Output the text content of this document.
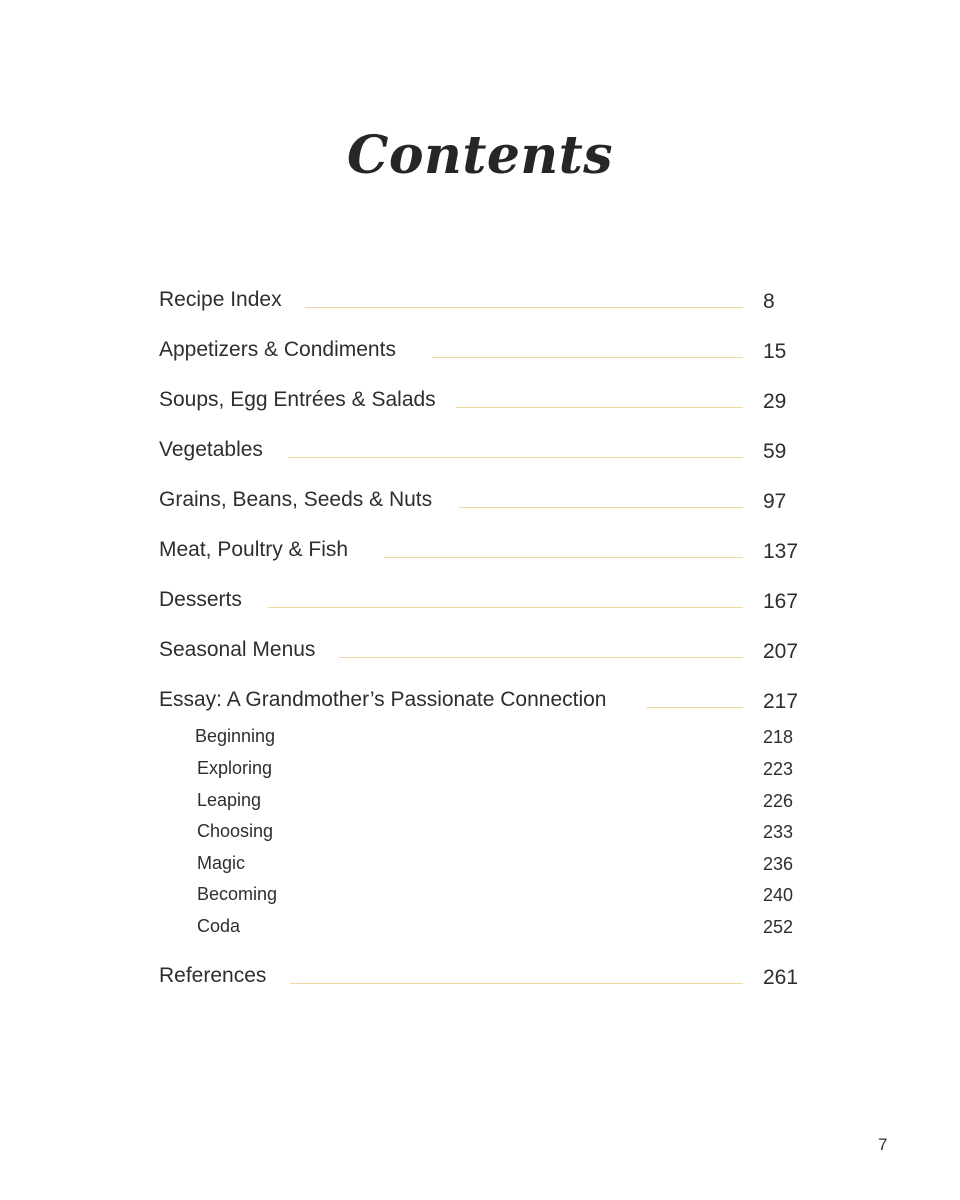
Contents
Recipe Index	8
Appetizers & Condiments	15
Soups, Egg Entrées & Salads	29
Vegetables	59
Grains, Beans, Seeds & Nuts	97
Meat, Poultry & Fish	137
Desserts	167
Seasonal Menus	207
Essay: A Grandmother’s Passionate Connection	217
Beginning	218
Exploring	223
Leaping	226
Choosing	233
Magic	236
Becoming	240
Coda	252
References	261
7
